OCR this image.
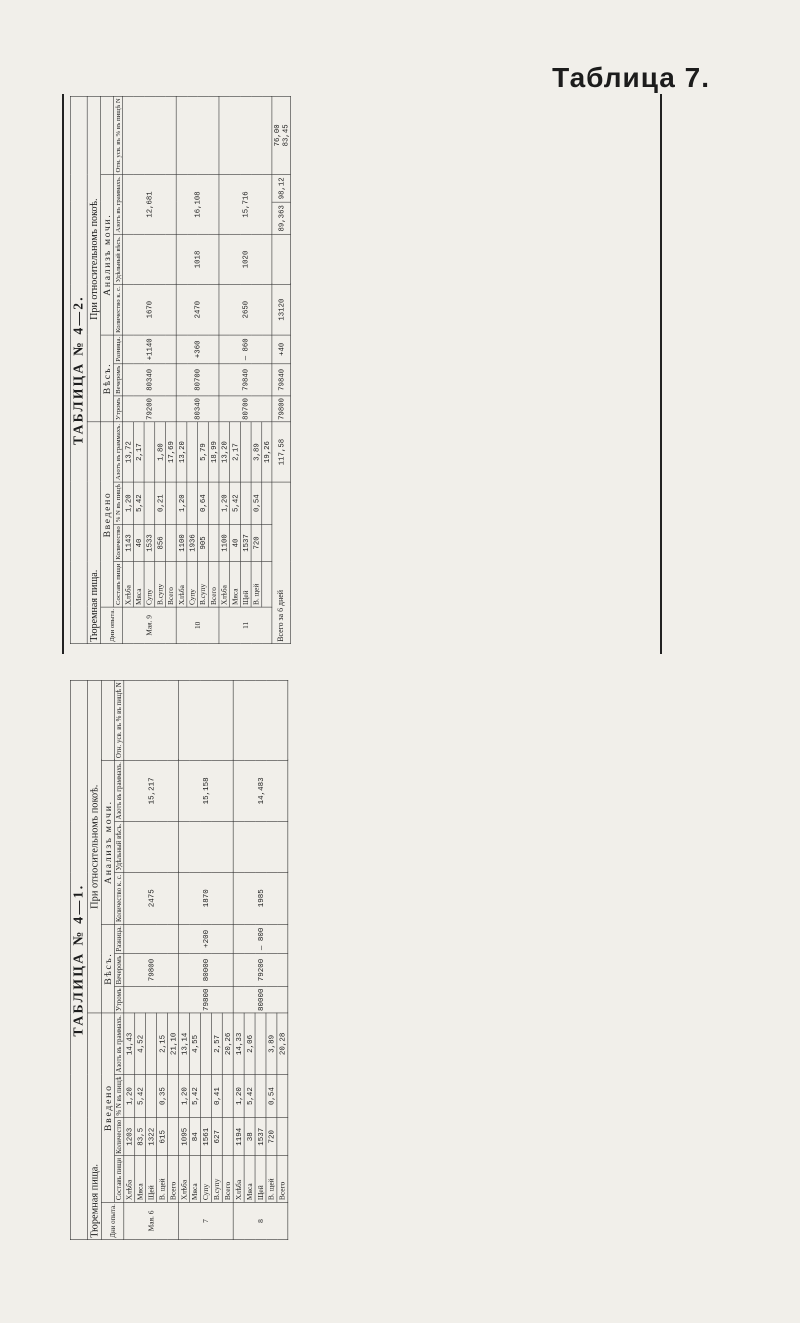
Таблица 7.
ТАБЛИЦА № 4—2.												
Тюремная пища.					При относительномъ покоѣ.							
Дни опыта.	Введено				Вѣсъ.			Анализъ мочи.				
	Составъ пищи	Количество	% N въ пищѣ	Азотъ въ граммахъ.	Утромъ	Вечеромъ	Разница.	Количество к. с.	Удѣльный вѣсъ.	Азотъ въ граммахъ.		Отн. усв. въ % въ пищѣ N
Мая. 9	Хлѣба	1143	1,20	13,72	79200	80340	+1140	1670		12,681		
	Мяса	40	5,42	2,17								
	Супу	1533										
	В.супу	856	0,21	1,80								
	Всего			17,69								
10	Хлѣба	1100	1,20	13,20	80340	80700	+360	2470	1018	16,108		
	Супу	1936										
	В.супу	905	0,64	5,79								
	Всего			18,99								
11	Хлѣба	1100	1,20	13,20	80700	79840	— 860	2650	1020	15,716		
	Мяса	40	5,42	2,17								
	Щей	1537										
	В. щей	720	0,54	3,89								
				19,26								
Всего за 6 дней				117,58	79800	79840	+40	13120		89,363	98,12	76,00 83,45
ТАБЛИЦА № 4—1.											
Тюремная пища.					При относительномъ покоѣ.						
Дни опыта.	Введено				Вѣсъ.			Анализъ мочи.			
	Составъ пищи	Количество	% N въ пищѣ	Азотъ въ граммахъ.	Утромъ	Вечеромъ	Разница.	Количество к. с.	Удѣльный вѣсъ.	Азотъ въ граммахъ.	Отн. усв. въ % въ пищѣ N
Мая. 6	Хлѣба	1203	1,20	14,43		79800		2475		15,217	
	Мяса	83,5	5,42	4,52							
	Щей	1322									
	В. щей	615	0,35	2,15							
	Всего			21,10							
7	Хлѣба	1095	1,20	13,14	79800	80000	+200	1870		15,158	
	Мяса	84	5,42	4,55							
	Супу	1561									
	В.супу	627	0,41	2,57							
	Всего			20,26							
8	Хлѣба	1194	1,20	14,33	80000	79200	— 800	1985		14,483	
	Мяса	38	5,42	2,06							
	Щей	1537									
	В. щей	720	0,54	3,89							
	Всего			20,28							
